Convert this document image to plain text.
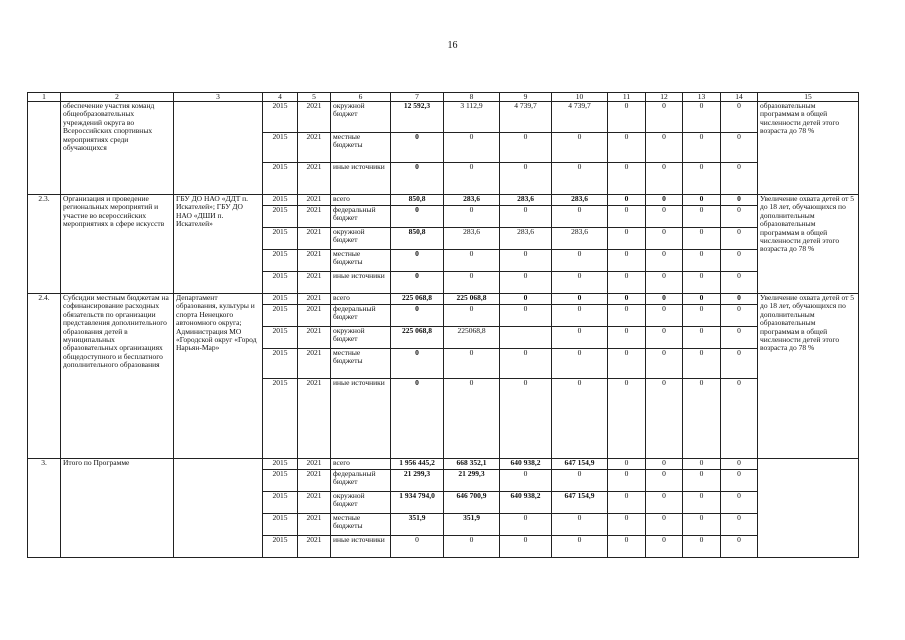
16
1	2	3	4	5	6	7	8	9	10	11	12	13	14	15
	обеспечение участия команд общеобразовательных учреждений округа во Всероссийских спортивных мероприятиях среди обучающихся		2015	2021	окружной бюджет	12 592,3	3 112,9	4 739,7	4 739,7	0	0	0	0	образовательным программам в общей численности детей этого возраста до 78 %
			2015	2021	местные бюджеты	0	0	0	0	0	0	0	0	
			2015	2021	иные источники	0	0	0	0	0	0	0	0	
2.3.	Организация и проведение региональных мероприятий и участие во всероссийских мероприятиях в сфере искусств	ГБУ ДО НАО «ДДТ п. Искателей»; ГБУ ДО НАО «ДШИ п. Искателей»	2015	2021	всего	850,8	283,6	283,6	283,6	0	0	0	0	Увеличение охвата детей от 5 до 18 лет, обучающихся по дополнительным образовательным программам в общей численности детей этого возраста до 78 %
			2015	2021	федеральный бюджет	0	0	0	0	0	0	0	0	
			2015	2021	окружной бюджет	850,8	283,6	283,6	283,6	0	0	0	0	
			2015	2021	местные бюджеты	0	0	0	0	0	0	0	0	
			2015	2021	иные источники	0	0	0	0	0	0	0	0	
2.4.	Субсидии местным бюджетам на софинансирование расходных обязательств по организации представления дополнительного образования детей в муниципальных образовательных организациях общедоступного и бесплатного дополнительного образования	Департамент образования, культуры и спорта Ненецкого автономного округа; Администрация МО «Городской округ «Город Нарьян-Мар»	2015	2021	всего	225 068,8	225 068,8	0	0	0	0	0	0	Увеличение охвата детей от 5 до 18 лет, обучающихся по дополнительным образовательным программам в общей численности детей этого возраста до 78 %
			2015	2021	федеральный бюджет	0	0	0	0	0	0	0	0	
			2015	2021	окружной бюджет	225 068,8	225068,8		0	0	0	0	0	
			2015	2021	местные бюджеты	0	0	0	0	0	0	0	0	
			2015	2021	иные источники	0	0	0	0	0	0	0	0	
3.	Итого по Программе		2015	2021	всего	1 956 445,2	668 352,1	640 938,2	647 154,9	0	0	0	0	
			2015	2021	федеральный бюджет	21 299,3	21 299,3	0	0	0	0	0	0	
			2015	2021	окружной бюджет	1 934 794,0	646 700,9	640 938,2	647 154,9	0	0	0	0	
			2015	2021	местные бюджеты	351,9	351,9	0	0	0	0	0	0	
			2015	2021	иные источники	0	0	0	0	0	0	0	0	
